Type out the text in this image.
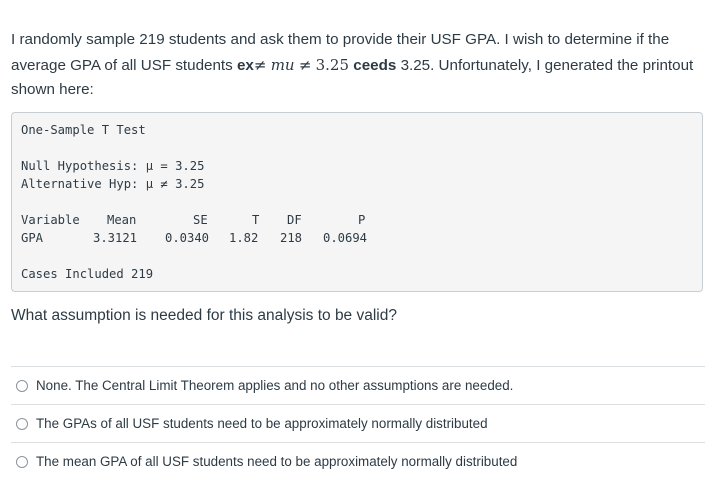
I randomly sample 219 students and ask them to provide their USF GPA. I wish to determine if the average GPA of all USF students ex≠ mu ≠ 3.25 ceeds 3.25. Unfortunately, I generated the printout shown here:
One-Sample T Test
Null Hypothesis: μ = 3.25
Alternative Hyp: μ ≠ 3.25
Variable Mean	SE	T DF	P
GPA	3.3121 0.0340 1.82 218 0.0694
Cases Included 219
What assumption is needed for this analysis to be valid?
None. The Central Limit Theorem applies and no other assumptions are needed.
The GPAs of all USF students need to be approximately normally distributed
The mean GPA of all USF students need to be approximately normally distributed
